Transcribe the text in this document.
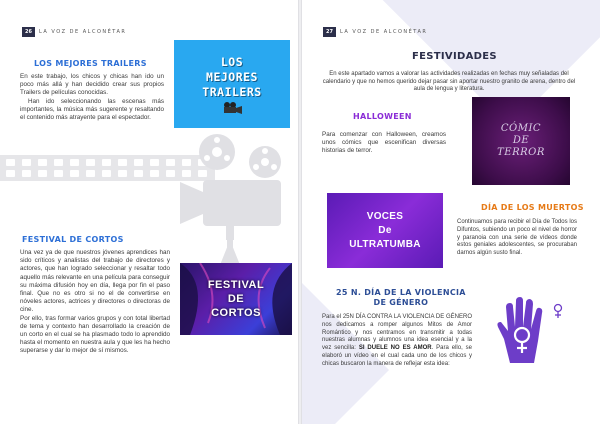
26 LA VOZ DE ALCONÉTAR
LOS MEJORES TRAILERS
En este trabajo, los chicos y chicas han ido un poco más allá y han decidido crear sus propios Trailers de películas conocidas.
Han ido seleccionando las escenas más importantes, la música más sugerente y resaltando el contenido más atrayente para el espectador.
LOS
MEJORES
TRAILERS
FESTIVAL DE CORTOS
Una vez ya de que nuestros jóvenes aprendices han sido críticos y analistas del trabajo de directores y actores, que han logrado seleccionar y resaltar todo aquello más relevante en una película para conseguir su máxima difusión hoy en día, llega por fin el paso final. Que no es otro si no el de convertirse en nóveles actores, actrices y directores o directoras de cine.
Por ello, tras formar varios grupos y con total libertad de tema y contexto han desarrollado la creación de un corto en el cual se ha plasmado todo lo aprendido hasta el momento en nuestra aula y que les ha hecho superarse y dar lo mejor de sí mismos.
FESTIVAL
DE
CORTOS
27 LA VOZ DE ALCONÉTAR
FESTIVIDADES
En este apartado vamos a valorar las actividades realizadas en fechas muy señaladas del calendario y que no hemos querido dejar pasar sin aportar nuestro granito de arena, dentro del aula de lengua y literatura.
HALLOWEEN
Para comenzar con Halloween, creamos unos cómics que escenifican diversas historias de terror.
CÓMIC
DE
TERROR
VOCES
De
ULTRATUMBA
DÍA DE LOS MUERTOS
Continuamos para recibir el Día de Todos los Difuntos, subiendo un poco el nivel de horror y paranoia con una serie de vídeos donde estos geniales adolescentes, se procuraban darnos algún susto final.
25 N. DÍA DE LA VIOLENCIA
DE GÉNERO
Para el 25N DÍA CONTRA LA VIOLENCIA DE GÉNERO nos dedicamos a romper algunos Mitos de Amor Romántico y nos centramos en transmitir a todas nuestras alumnas y alumnos una idea esencial y a la vez sencilla: SI DUELE NO ES AMOR. Para ello, se elaboró un vídeo en el cual cada uno de los chicos y chicas buscaron la manera de reflejar esta idea:
